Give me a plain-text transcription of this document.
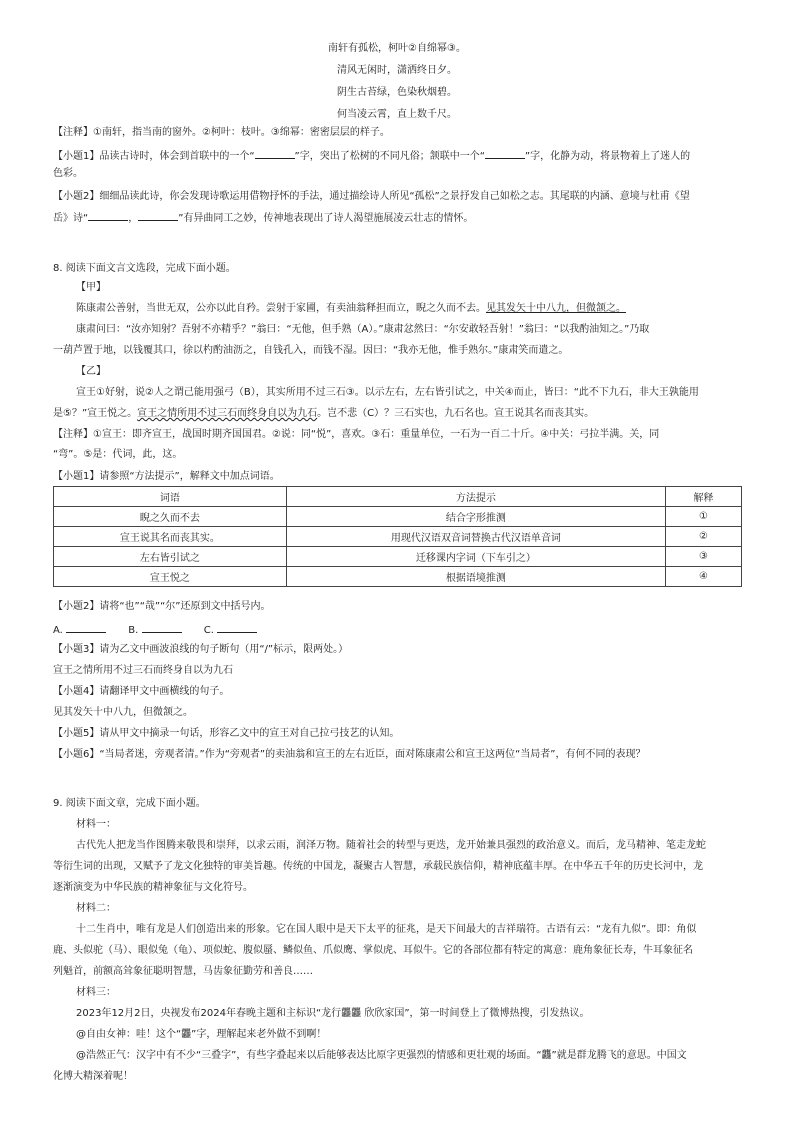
南轩有孤松，柯叶②自绵幂③。
清风无闲时，潇洒终日夕。
阴生古苔绿，色染秋烟碧。
何当凌云霄，直上数千尺。
【注释】①南轩，指当南的窗外。②柯叶：枝叶。③绵幂：密密层层的样子。
【小题1】品读古诗时，体会到首联中的一个“	”字，突出了松树的不同凡俗；颔联中一个“	”字，化静为动，将景物着上了迷人的
色彩。
【小题2】细细品读此诗，你会发现诗歌运用借物抒怀的手法，通过描绘诗人所见“孤松”之景抒发自己如松之志。其尾联的内涵、意境与杜甫《望
岳》诗“	，	”有异曲同工之妙，传神地表现出了诗人渴望施展凌云壮志的情怀。
8. 阅读下面文言文选段，完成下面小题。
【甲】
陈康肃公善射，当世无双，公亦以此自矜。尝射于家圃，有卖油翁释担而立，睨之久而不去。见其发矢十中八九，但微颔之。
康肃问曰：“汝亦知射？吾射不亦精乎？”翁曰：“无他，但手熟（A）。”康肃忿然曰：“尔安敢轻吾射！”翁曰：“以我酌油知之。”乃取
一葫芦置于地，以钱覆其口，徐以杓酌油沥之，自钱孔入，而钱不湿。因曰：“我亦无他，惟手熟尔。”康肃笑而遣之。
【乙】
宣王①好射，说②人之谓己能用强弓（B），其实所用不过三石③。以示左右，左右皆引试之，中关④而止，皆曰：“此不下九石，非大王孰能用
是⑤？”宣王悦之。宣王之情所用不过三石而终身自以为九石。岂不悲（C）？三石实也，九石名也。宣王说其名而丧其实。
【注释】①宣王：即齐宣王，战国时期齐国国君。②说：同“悦”，喜欢。③石：重量单位，一石为一百二十斤。④中关：弓拉半满。关，同
“弯”。⑤是：代词，此，这。
【小题1】请参照“方法提示”，解释文中加点词语。
词语	方法提示	解释
睨之久而不去	结合字形推测	①
宣王说其名而丧其实。	用现代汉语双音词替换古代汉语单音词	②
左右皆引试之	迁移课内字词（下车引之）	③
宣王悦之	根据语境推测	④
【小题2】请将“也”“哉”“尔”还原到文中括号内。
A.	B.	C.
【小题3】请为乙文中画波浪线的句子断句（用“/”标示，限两处。）
宣王之情所用不过三石而终身自以为九石
【小题4】请翻译甲文中画横线的句子。
见其发矢十中八九，但微颔之。
【小题5】请从甲文中摘录一句话，形容乙文中的宣王对自己拉弓技艺的认知。
【小题6】“当局者迷，旁观者清。”作为“旁观者”的卖油翁和宣王的左右近臣，面对陈康肃公和宣王这两位“当局者”，有何不同的表现？
9. 阅读下面文章，完成下面小题。
材料一：
古代先人把龙当作图腾来敬畏和崇拜，以求云雨，润泽万物。随着社会的转型与更迭，龙开始兼具强烈的政治意义。而后，龙马精神、笔走龙蛇
等衍生词的出现，又赋予了龙文化独特的审美旨趣。传统的中国龙，凝聚古人智慧，承载民族信仰，精神底蕴丰厚。在中华五千年的历史长河中，龙
逐渐演变为中华民族的精神象征与文化符号。
材料二：
十二生肖中，唯有龙是人们创造出来的形象。它在国人眼中是天下太平的征兆，是天下间最大的吉祥瑞符。古语有云：“龙有九似”。即：角似
鹿、头似驼（马）、眼似兔（龟）、项似蛇、腹似蜃、鳞似鱼、爪似鹰、掌似虎、耳似牛。它的各部位都有特定的寓意：鹿角象征长寿，牛耳象征名
列魁首，前额高耸象征聪明智慧，马齿象征勤劳和善良……
材料三：
2023年12月2日，央视发布2024年春晚主题和主标识“龙行龘龘 欣欣家国”，第一时间登上了微博热搜，引发热议。
@自由女神：哇！这个“龘”字，理解起来老外做不到啊！
@浩然正气：汉字中有不少“三叠字”，有些字叠起来以后能够表达比原字更强烈的情感和更壮观的场面。“龘”就是群龙腾飞的意思。中国文
化博大精深着呢！
